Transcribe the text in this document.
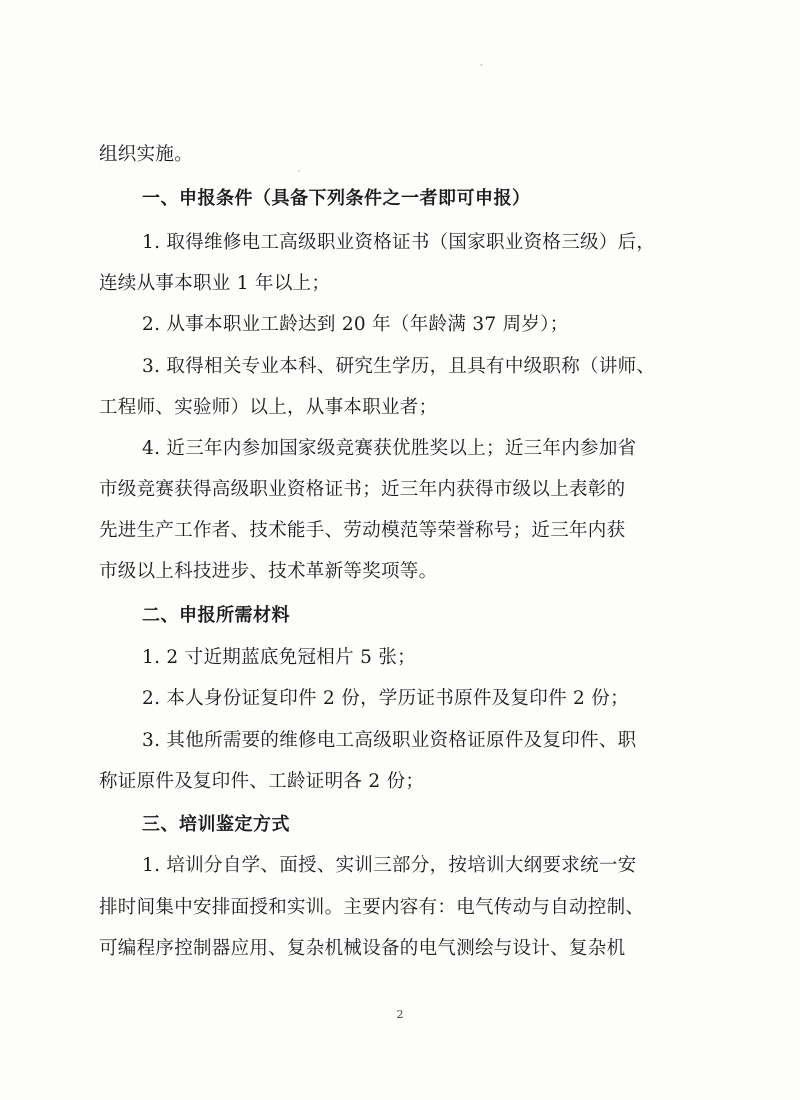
组织实施。
一、申报条件（具备下列条件之一者即可申报）
1. 取得维修电工高级职业资格证书（国家职业资格三级）后，
连续从事本职业 1 年以上；
2. 从事本职业工龄达到 20 年（年龄满 37 周岁）；
3. 取得相关专业本科、研究生学历，且具有中级职称（讲师、
工程师、实验师）以上，从事本职业者；
4. 近三年内参加国家级竞赛获优胜奖以上；近三年内参加省
市级竞赛获得高级职业资格证书；近三年内获得市级以上表彰的
先进生产工作者、技术能手、劳动模范等荣誉称号；近三年内获
市级以上科技进步、技术革新等奖项等。
二、申报所需材料
1. 2 寸近期蓝底免冠相片 5 张；
2. 本人身份证复印件 2 份，学历证书原件及复印件 2 份；
3. 其他所需要的维修电工高级职业资格证原件及复印件、职
称证原件及复印件、工龄证明各 2 份；
三、培训鉴定方式
1. 培训分自学、面授、实训三部分，按培训大纲要求统一安
排时间集中安排面授和实训。主要内容有：电气传动与自动控制、
可编程序控制器应用、复杂机械设备的电气测绘与设计、复杂机
2
